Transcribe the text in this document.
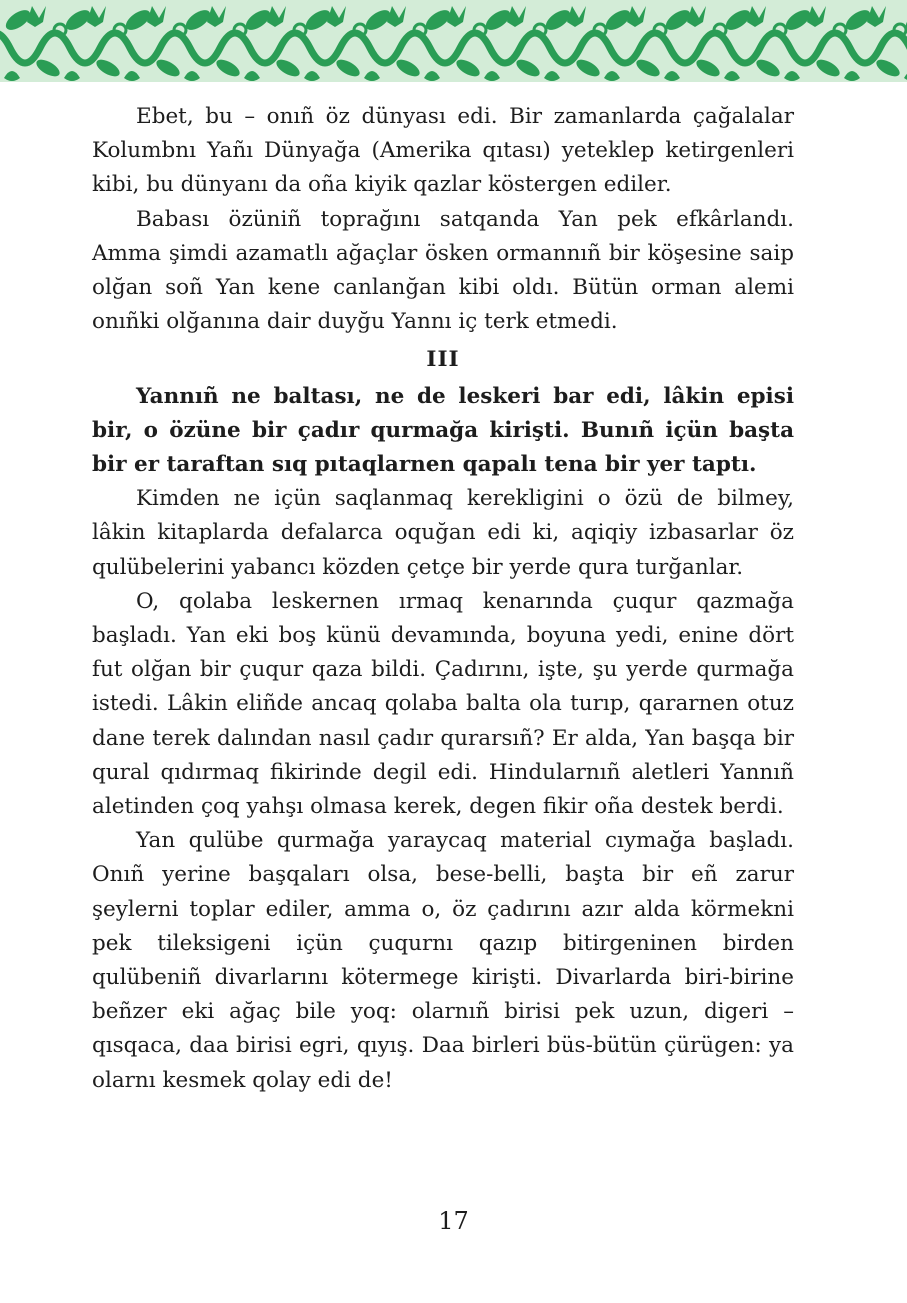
Ebet, bu – onıñ öz dünyası edi. Bir zamanlarda çağalalar Kolumbnı Yañı Dünyağa (Amerika qıtası) yeteklep ketirgenleri kibi, bu dünyanı da oña kiyik qazlar köstergen ediler.

Babası özüniñ toprağını satqanda Yan pek efkârlandı. Amma şimdi azamatlı ağaçlar ösken ormannıñ bir köşesine saip olğan soñ Yan kene canlanğan kibi oldı. Bütün orman alemi onıñki olğanına dair duyğu Yannı iç terk etmedi.

III

Yannıñ ne baltası, ne de leskeri bar edi, lâkin episi bir, o özüne bir çadır qurmağa kirişti. Bunıñ içün başta bir er taraftan sıq pıtaqlarnen qapalı tena bir yer taptı.

Kimden ne içün saqlanmaq kerekligini o özü de bilmey, lâkin kitaplarda defalarca oquğan edi ki, aqiqiy izbasarlar öz qulübelerini yabancı közden çetçe bir yerde qura turğanlar.

O, qolaba leskernen ırmaq kenarında çuqur qazmağa başladı. Yan eki boş künü devamında, boyuna yedi, enine dört fut olğan bir çuqur qaza bildi. Çadırını, işte, şu yerde qurmağa istedi. Lâkin eliñde ancaq qolaba balta ola turıp, qararnen otuz dane terek dalından nasıl çadır qurarsıñ? Er alda, Yan başqa bir qural qıdırmaq fikirinde degil edi. Hindularnıñ aletleri Yannıñ aletinden çoq yahşı olmasa kerek, degen fikir oña destek berdi.

Yan qulübe qurmağa yaraycaq material cıymağa başladı. Onıñ yerine başqaları olsa, bese-belli, başta bir eñ zarur şeylerni toplar ediler, amma o, öz çadırını azır alda körmekni pek tileksigeni içün çuqurnı qazıp bitirgeninen birden qulübeniñ divarlarını kötermege kirişti. Divarlarda biri-birine beñzer eki ağaç bile yoq: olarnıñ birisi pek uzun, digeri – qısqaca, daa birisi egri, qıyış. Daa birleri büs-bütün çürügen: ya olarnı kesmek qolay edi de!

17
